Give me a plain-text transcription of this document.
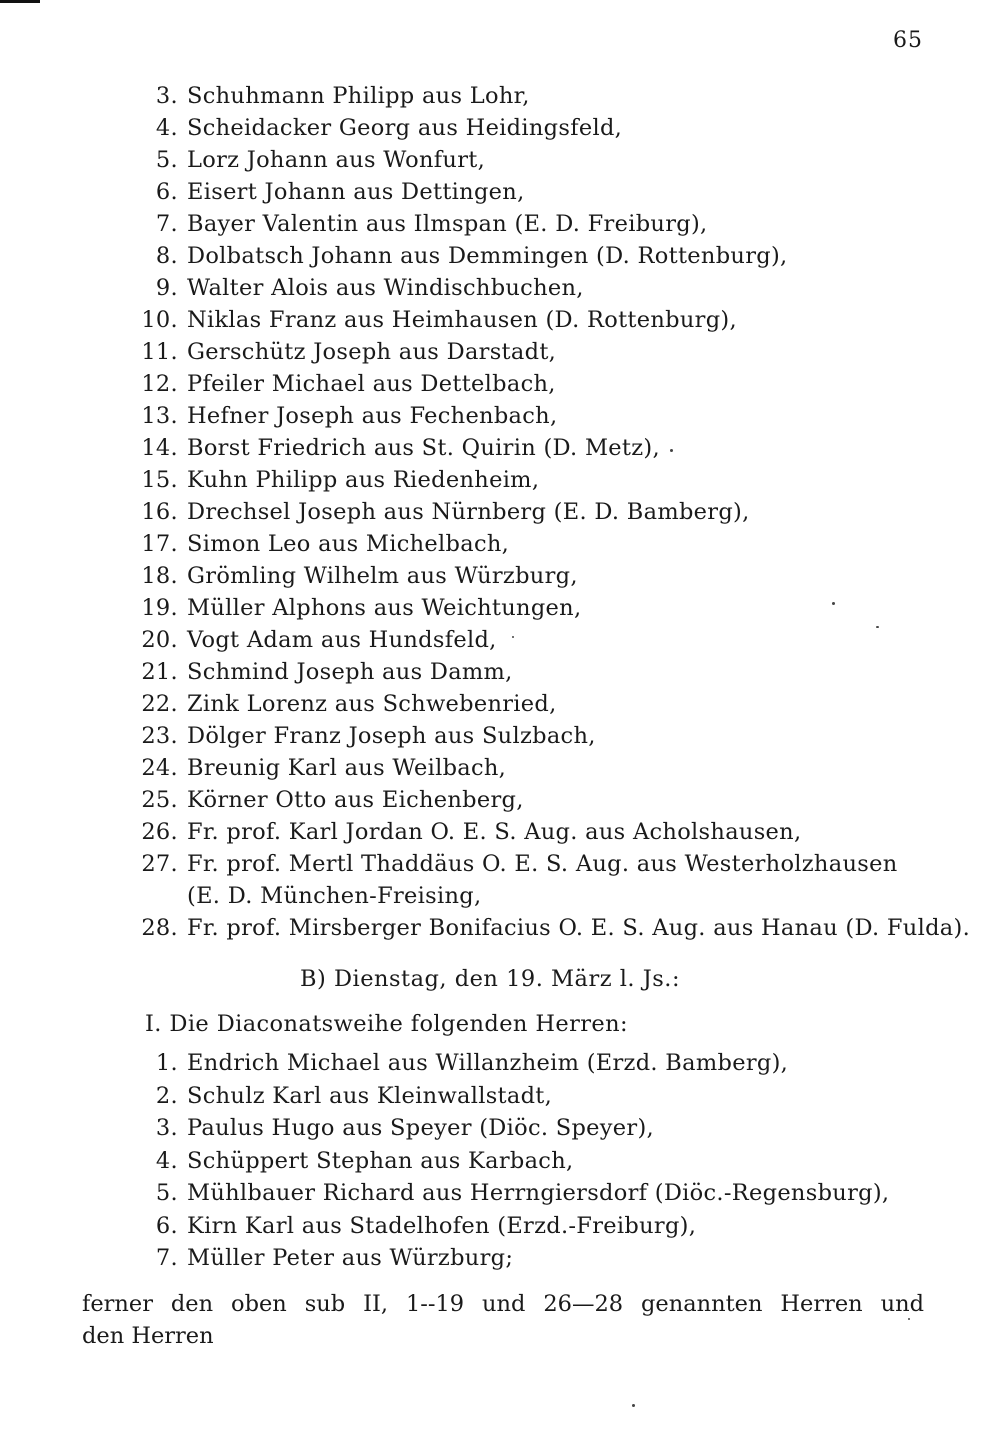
65
3. Schuhmann Philipp aus Lohr,
4. Scheidacker Georg aus Heidingsfeld,
5. Lorz Johann aus Wonfurt,
6. Eisert Johann aus Dettingen,
7. Bayer Valentin aus Ilmspan (E. D. Freiburg),
8. Dolbatsch Johann aus Demmingen (D. Rottenburg),
9. Walter Alois aus Windischbuchen,
10. Niklas Franz aus Heimhausen (D. Rottenburg),
11. Gerschütz Joseph aus Darstadt,
12. Pfeiler Michael aus Dettelbach,
13. Hefner Joseph aus Fechenbach,
14. Borst Friedrich aus St. Quirin (D. Metz),
15. Kuhn Philipp aus Riedenheim,
16. Drechsel Joseph aus Nürnberg (E. D. Bamberg),
17. Simon Leo aus Michelbach,
18. Grömling Wilhelm aus Würzburg,
19. Müller Alphons aus Weichtungen,
20. Vogt Adam aus Hundsfeld,
21. Schmind Joseph aus Damm,
22. Zink Lorenz aus Schwebenried,
23. Dölger Franz Joseph aus Sulzbach,
24. Breunig Karl aus Weilbach,
25. Körner Otto aus Eichenberg,
26. Fr. prof. Karl Jordan O. E. S. Aug. aus Acholshausen,
27. Fr. prof. Mertl Thaddäus O. E. S. Aug. aus Westerholzhausen
(E. D. München-Freising,
28. Fr. prof. Mirsberger Bonifacius O. E. S. Aug. aus Hanau (D. Fulda).
B) Dienstag, den 19. März l. Js.:
I. Die Diaconatsweihe folgenden Herren:
1. Endrich Michael aus Willanzheim (Erzd. Bamberg),
2. Schulz Karl aus Kleinwallstadt,
3. Paulus Hugo aus Speyer (Diöc. Speyer),
4. Schüppert Stephan aus Karbach,
5. Mühlbauer Richard aus Herrngiersdorf (Diöc.-Regensburg),
6. Kirn Karl aus Stadelhofen (Erzd.-Freiburg),
7. Müller Peter aus Würzburg;
ferner den oben sub II, 1--19 und 26—28 genannten Herren und
den Herren
